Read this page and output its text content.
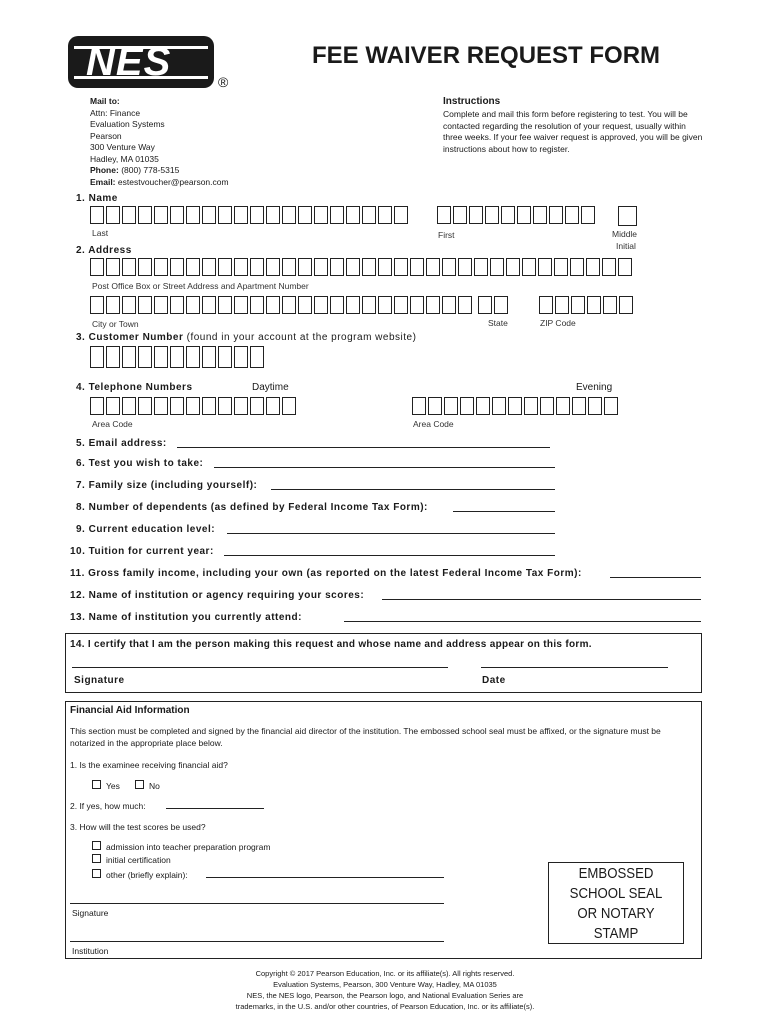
NES	®
FEE WAIVER REQUEST FORM
Mail to:
Attn: Finance
Evaluation Systems
Pearson
300 Venture Way
Hadley, MA 01035
Phone: (800) 778-5315
Email: estestvoucher@pearson.com
Instructions
Complete and mail this form before registering to test. You will be contacted regarding the resolution of your request, usually within three weeks. If your fee waiver request is approved, you will be given instructions about how to register.
1. Name
Last	First	Middle
Initial
2. Address
Post Office Box or Street Address and Apartment Number
City or Town	State	ZIP Code
3. Customer Number (found in your account at the program website)
4. Telephone Numbers	Daytime	Evening
Area Code	Area Code
5. Email address:
6. Test you wish to take:
7. Family size (including yourself):
8. Number of dependents (as defined by Federal Income Tax Form):
9. Current education level:
10. Tuition for current year:
11. Gross family income, including your own (as reported on the latest Federal Income Tax Form):
12. Name of institution or agency requiring your scores:
13. Name of institution you currently attend:
14. I certify that I am the person making this request and whose name and address appear on this form.
Signature	Date
Financial Aid Information
This section must be completed and signed by the financial aid director of the institution. The embossed school seal must be affixed, or the signature must be notarized in the appropriate place below.
1. Is the examinee receiving financial aid?
Yes	No
2. If yes, how much:
3. How will the test scores be used?
admission into teacher preparation program
initial certification
other (briefly explain):
Signature
Institution
EMBOSSED
SCHOOL SEAL
OR NOTARY
STAMP
Copyright © 2017 Pearson Education, Inc. or its affiliate(s). All rights reserved.
Evaluation Systems, Pearson, 300 Venture Way, Hadley, MA 01035
NES, the NES logo, Pearson, the Pearson logo, and National Evaluation Series are
trademarks, in the U.S. and/or other countries, of Pearson Education, Inc. or its affiliate(s).
